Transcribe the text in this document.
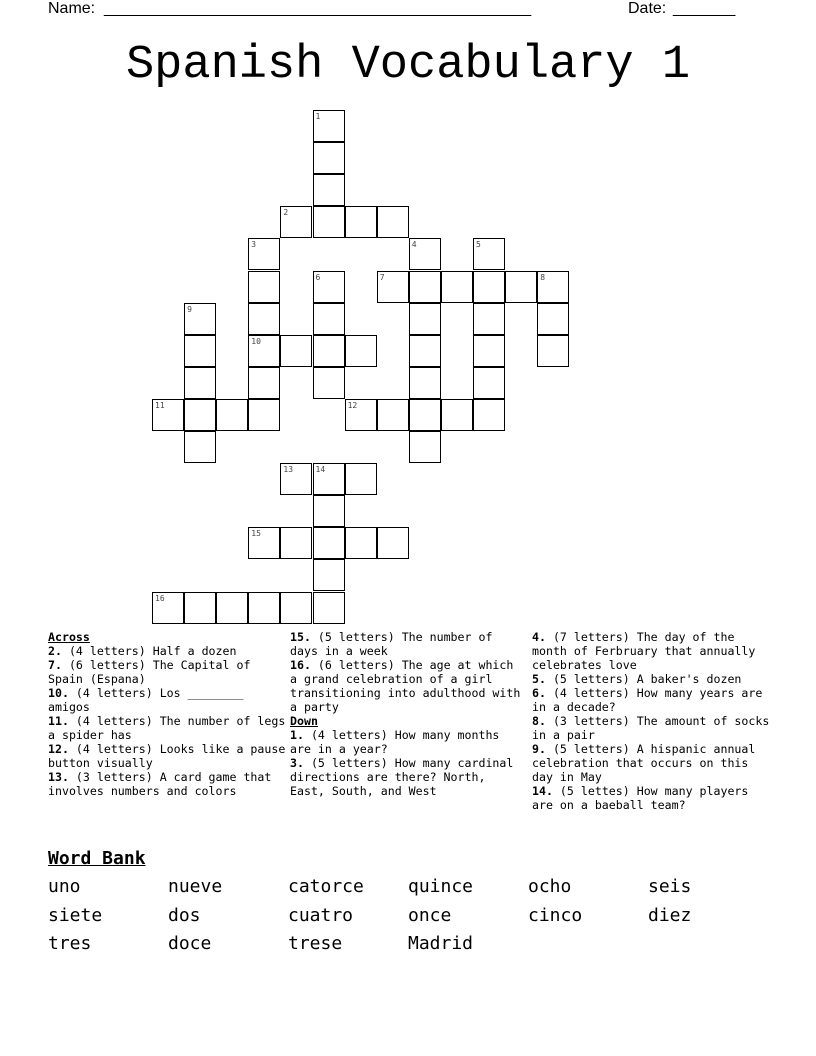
Name: ________________________________________________	Date: _______
Spanish Vocabulary 1
1
2
3	4	5
6	7	8
9
10
11	12
13	14
15
16
Across
2. (4 letters) Half a dozen
7. (6 letters) The Capital of Spain (Espana)
10. (4 letters) Los ________ amigos
11. (4 letters) The number of legs a spider has
12. (4 letters) Looks like a pause button visually
13. (3 letters) A card game that involves numbers and colors
15. (5 letters) The number of days in a week
16. (6 letters) The age at which a grand celebration of a girl transitioning into adulthood with a party
Down
1. (4 letters) How many months are in a year?
3. (5 letters) How many cardinal directions are there? North, East, South, and West
4. (7 letters) The day of the month of Ferbruary that annually celebrates love
5. (5 letters) A baker's dozen
6. (4 letters) How many years are in a decade?
8. (3 letters) The amount of socks in a pair
9. (5 letters) A hispanic annual celebration that occurs on this day in May
14. (5 lettes) How many players are on a baeball team?
Word Bank
uno	nueve	catorce quince	ocho	seis
siete	dos	cuatro	once	cinco	diez
tres	doce	trese	Madrid
